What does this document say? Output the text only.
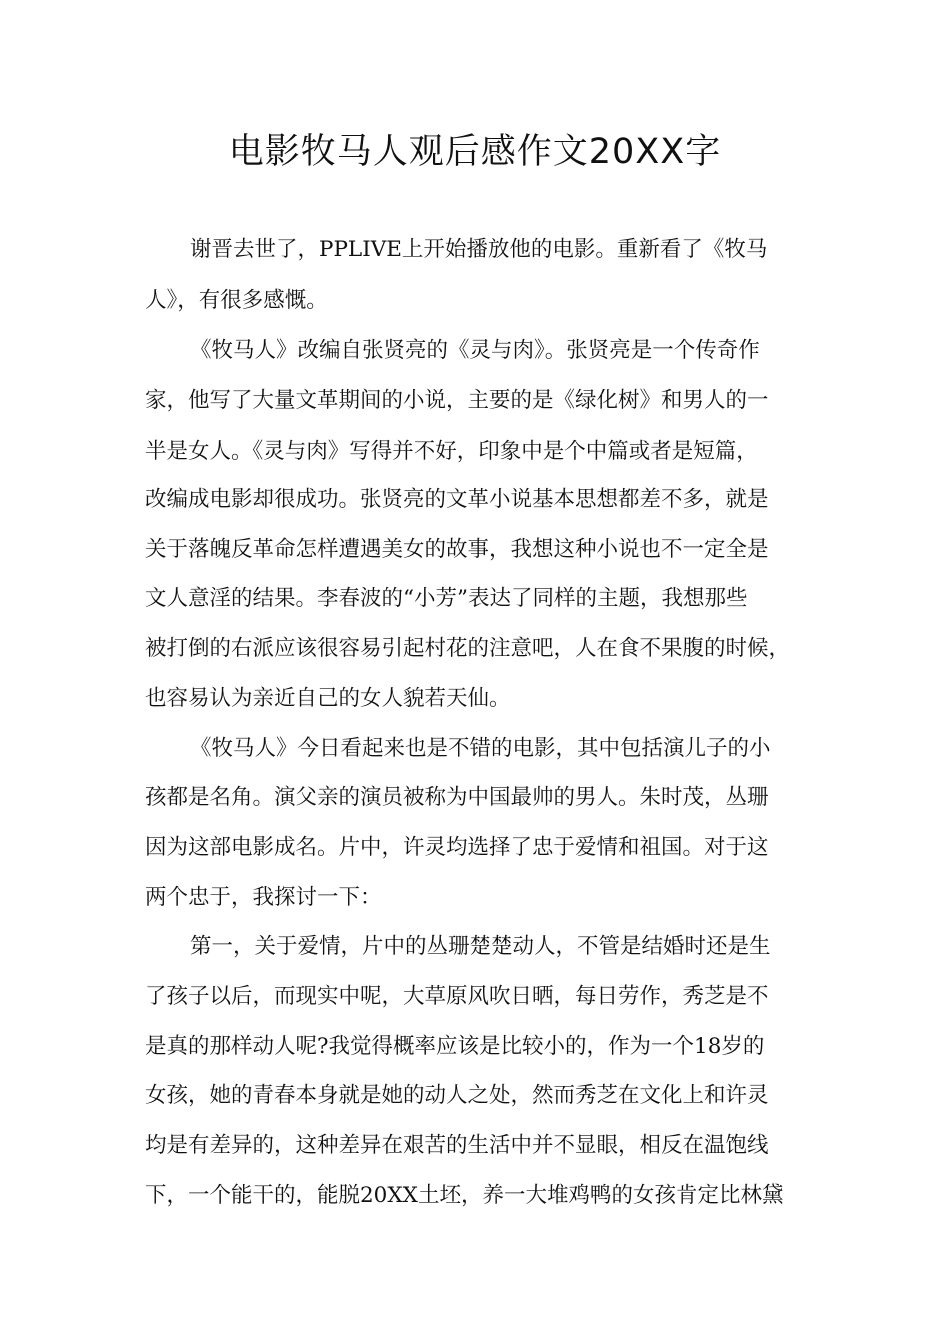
电影牧马人观后感作文20XX字
谢晋去世了，PPLIVE上开始播放他的电影。重新看了《牧马
人》，有很多感慨。
《牧马人》改编自张贤亮的《灵与肉》。张贤亮是一个传奇作
家，他写了大量文革期间的小说，主要的是《绿化树》和男人的一
半是女人。《灵与肉》写得并不好，印象中是个中篇或者是短篇，
改编成电影却很成功。张贤亮的文革小说基本思想都差不多，就是
关于落魄反革命怎样遭遇美女的故事，我想这种小说也不一定全是
文人意淫的结果。李春波的“小芳”表达了同样的主题，我想那些
被打倒的右派应该很容易引起村花的注意吧，人在食不果腹的时候，
也容易认为亲近自己的女人貌若天仙。
《牧马人》今日看起来也是不错的电影，其中包括演儿子的小
孩都是名角。演父亲的演员被称为中国最帅的男人。朱时茂，丛珊
因为这部电影成名。片中，许灵均选择了忠于爱情和祖国。对于这
两个忠于，我探讨一下：
第一，关于爱情，片中的丛珊楚楚动人，不管是结婚时还是生
了孩子以后，而现实中呢，大草原风吹日晒，每日劳作，秀芝是不
是真的那样动人呢?我觉得概率应该是比较小的，作为一个18岁的
女孩，她的青春本身就是她的动人之处，然而秀芝在文化上和许灵
均是有差异的，这种差异在艰苦的生活中并不显眼，相反在温饱线
下，一个能干的，能脱20XX土坯，养一大堆鸡鸭的女孩肯定比林黛
